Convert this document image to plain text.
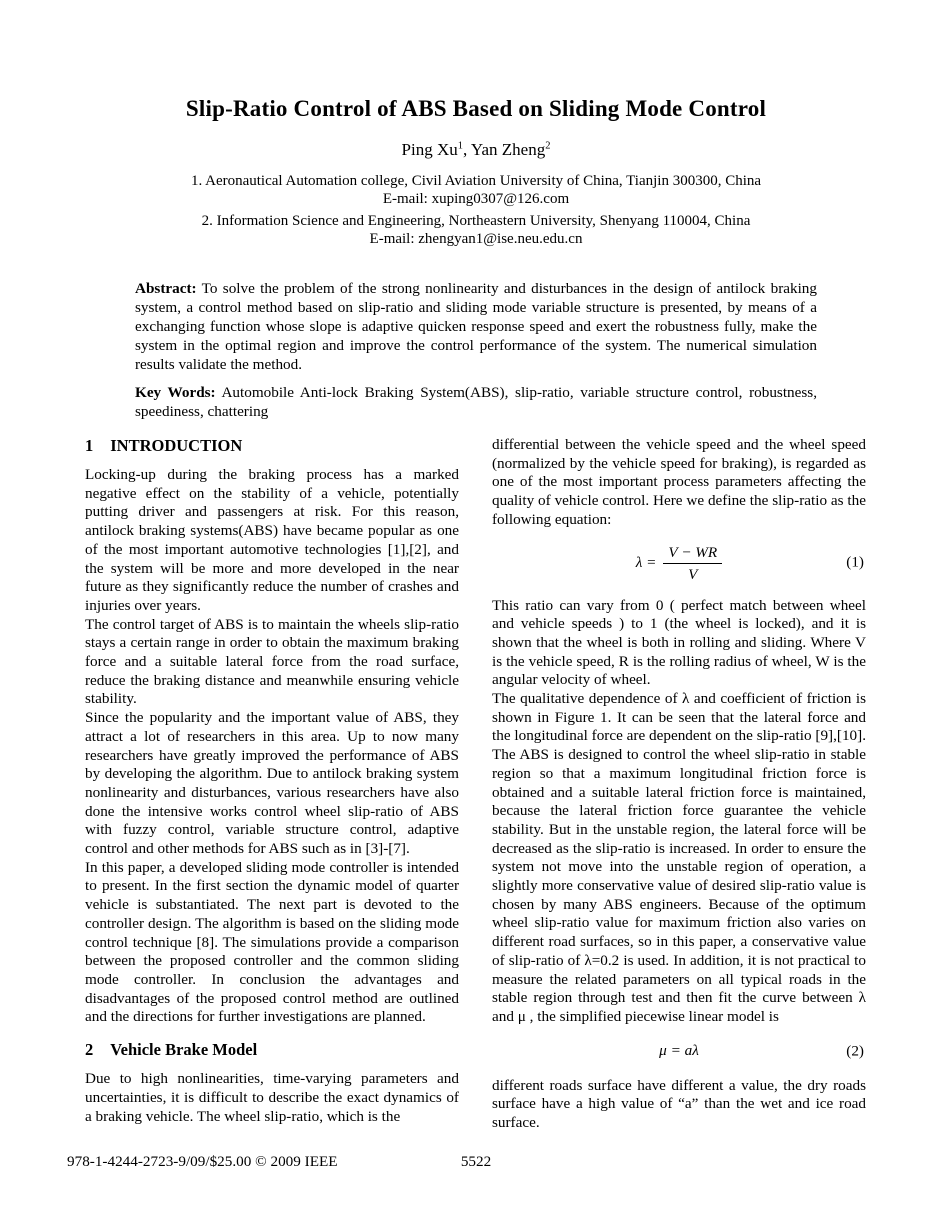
Slip-Ratio Control of ABS Based on Sliding Mode Control
Ping Xu$^1$, Yan Zheng$^2$
1. Aeronautical Automation college, Civil Aviation University of China, Tianjin 300300, China
E-mail: xuping0307@126.com
2. Information Science and Engineering, Northeastern University, Shenyang 110004, China
E-mail: zhengyan1@ise.neu.edu.cn

Abstract: To solve the problem of the strong nonlinearity and disturbances in the design of antilock braking system, a control method based on slip-ratio and sliding mode variable structure is presented, by means of a exchanging function whose slope is adaptive quicken response speed and exert the robustness fully, make the system in the optimal region and improve the control performance of the system. The numerical simulation results validate the method.

Key Words: Automobile Anti-lock Braking System(ABS), slip-ratio, variable structure control, robustness, speediness, chattering

1 INTRODUCTION

Locking-up during the braking process has a marked negative effect on the stability of a vehicle, potentially putting driver and passengers at risk. For this reason, antilock braking systems(ABS) have became popular as one of the most important automotive technologies [1],[2], and the system will be more and more developed in the near future as they significantly reduce the number of crashes and injuries over years.

The control target of ABS is to maintain the wheels slip-ratio stays a certain range in order to obtain the maximum braking force and a suitable lateral force from the road surface, reduce the braking distance and meanwhile ensuring vehicle stability.

Since the popularity and the important value of ABS, they attract a lot of researchers in this area. Up to now many researchers have greatly improved the performance of ABS by developing the algorithm. Due to antilock braking system nonlinearity and disturbances, various researchers have also done the intensive works control wheel slip-ratio of ABS with fuzzy control, variable structure control, adaptive control and other methods for ABS such as in [3]-[7].

In this paper, a developed sliding mode controller is intended to present. In the first section the dynamic model of quarter vehicle is substantiated. The next part is devoted to the controller design. The algorithm is based on the sliding mode control technique [8]. The simulations provide a comparison between the proposed controller and the common sliding mode controller. In conclusion the advantages and disadvantages of the proposed control method are outlined and the directions for further investigations are planned.

2 Vehicle Brake Model

Due to high nonlinearities, time-varying parameters and uncertainties, it is difficult to describe the exact dynamics of a braking vehicle. The wheel slip-ratio, which is the

differential between the vehicle speed and the wheel speed (normalized by the vehicle speed for braking), is regarded as one of the most important process parameters affecting the quality of vehicle control. Here we define the slip-ratio as the following equation:

$\lambda = \frac{V - WR}{V}$	(1)

This ratio can vary from 0 ( perfect match between wheel and vehicle speeds ) to 1 (the wheel is locked), and it is shown that the wheel is both in rolling and sliding. Where V is the vehicle speed, R is the rolling radius of wheel, W is the angular velocity of wheel.

The qualitative dependence of λ and coefficient of friction is shown in Figure 1. It can be seen that the lateral force and the longitudinal force are dependent on the slip-ratio [9],[10]. The ABS is designed to control the wheel slip-ratio in stable region so that a maximum longitudinal friction force is obtained and a suitable lateral friction force is maintained, because the lateral friction force guarantee the vehicle stability. But in the unstable region, the lateral force will be decreased as the slip-ratio is increased. In order to ensure the system not move into the unstable region of operation, a slightly more conservative value of desired slip-ratio value is chosen by many ABS engineers. Because of the optimum wheel slip-ratio value for maximum friction also varies on different road surfaces, so in this paper, a conservative value of slip-ratio of λ=0.2 is used. In addition, it is not practical to measure the related parameters on all typical roads in the stable region through test and then fit the curve between λ and μ , the simplified piecewise linear model is

μ = aλ	(2)

different roads surface have different a value, the dry roads surface have a high value of “a” than the wet and ice road surface.

978-1-4244-2723-9/09/$25.00 © 2009 IEEE	5522
